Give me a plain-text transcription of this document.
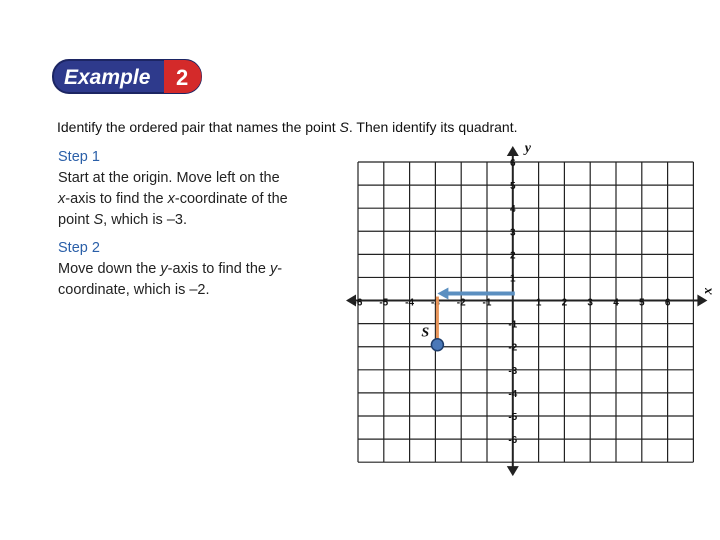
Example 2
Identify the ordered pair that names the point S. Then identify its quadrant.
Step 1
Start at the origin. Move left on the
x-axis to find the x-coordinate of the
point S, which is –3.
Step 2
Move down the y-axis to find the y-
coordinate, which is –2.	x
y
-6 -5 -4 -3 -2 -1	1 2 3 4 5 6
6
5
4
3
2
1
-1
-2
-3
-4
-5
-6
S
